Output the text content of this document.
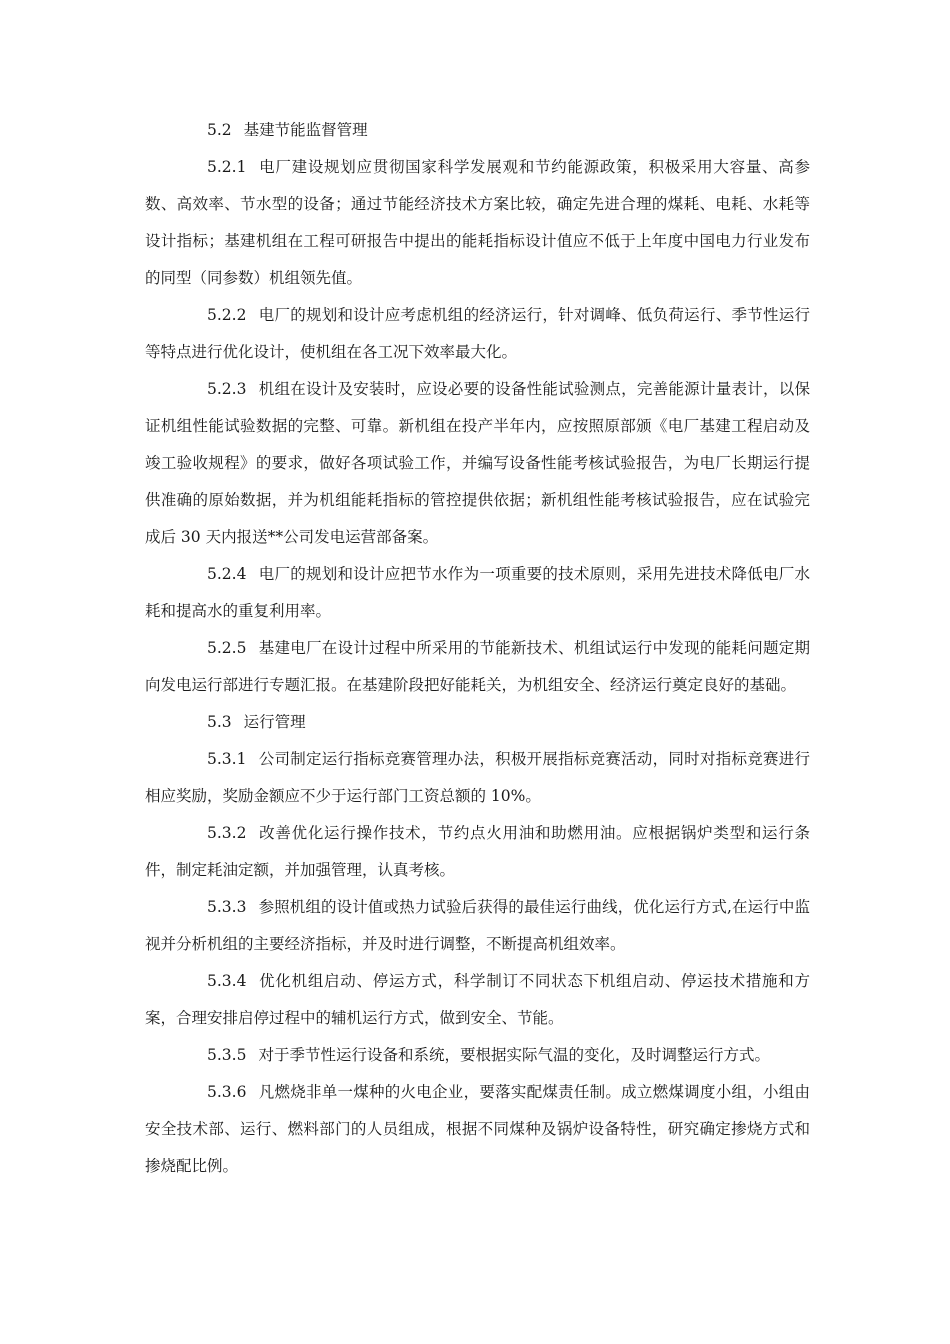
5.2 基建节能监督管理

5.2.1 电厂建设规划应贯彻国家科学发展观和节约能源政策，积极采用大容量、高参数、高效率、节水型的设备；通过节能经济技术方案比较，确定先进合理的煤耗、电耗、水耗等设计指标；基建机组在工程可研报告中提出的能耗指标设计值应不低于上年度中国电力行业发布的同型（同参数）机组领先值。

5.2.2 电厂的规划和设计应考虑机组的经济运行，针对调峰、低负荷运行、季节性运行等特点进行优化设计，使机组在各工况下效率最大化。

5.2.3 机组在设计及安装时，应设必要的设备性能试验测点，完善能源计量表计，以保证机组性能试验数据的完整、可靠。新机组在投产半年内，应按照原部颁《电厂基建工程启动及竣工验收规程》的要求，做好各项试验工作，并编写设备性能考核试验报告，为电厂长期运行提供准确的原始数据，并为机组能耗指标的管控提供依据；新机组性能考核试验报告，应在试验完成后 30 天内报送**公司发电运营部备案。

5.2.4 电厂的规划和设计应把节水作为一项重要的技术原则，采用先进技术降低电厂水耗和提高水的重复利用率。

5.2.5 基建电厂在设计过程中所采用的节能新技术、机组试运行中发现的能耗问题定期向发电运行部进行专题汇报。在基建阶段把好能耗关，为机组安全、经济运行奠定良好的基础。

5.3 运行管理

5.3.1 公司制定运行指标竞赛管理办法，积极开展指标竞赛活动，同时对指标竞赛进行相应奖励，奖励金额应不少于运行部门工资总额的 10%。

5.3.2 改善优化运行操作技术，节约点火用油和助燃用油。应根据锅炉类型和运行条件，制定耗油定额，并加强管理，认真考核。

5.3.3 参照机组的设计值或热力试验后获得的最佳运行曲线，优化运行方式,在运行中监视并分析机组的主要经济指标，并及时进行调整，不断提高机组效率。

5.3.4 优化机组启动、停运方式，科学制订不同状态下机组启动、停运技术措施和方案，合理安排启停过程中的辅机运行方式，做到安全、节能。

5.3.5 对于季节性运行设备和系统，要根据实际气温的变化，及时调整运行方式。

5.3.6 凡燃烧非单一煤种的火电企业，要落实配煤责任制。成立燃煤调度小组，小组由安全技术部、运行、燃料部门的人员组成，根据不同煤种及锅炉设备特性，研究确定掺烧方式和掺烧配比例。
